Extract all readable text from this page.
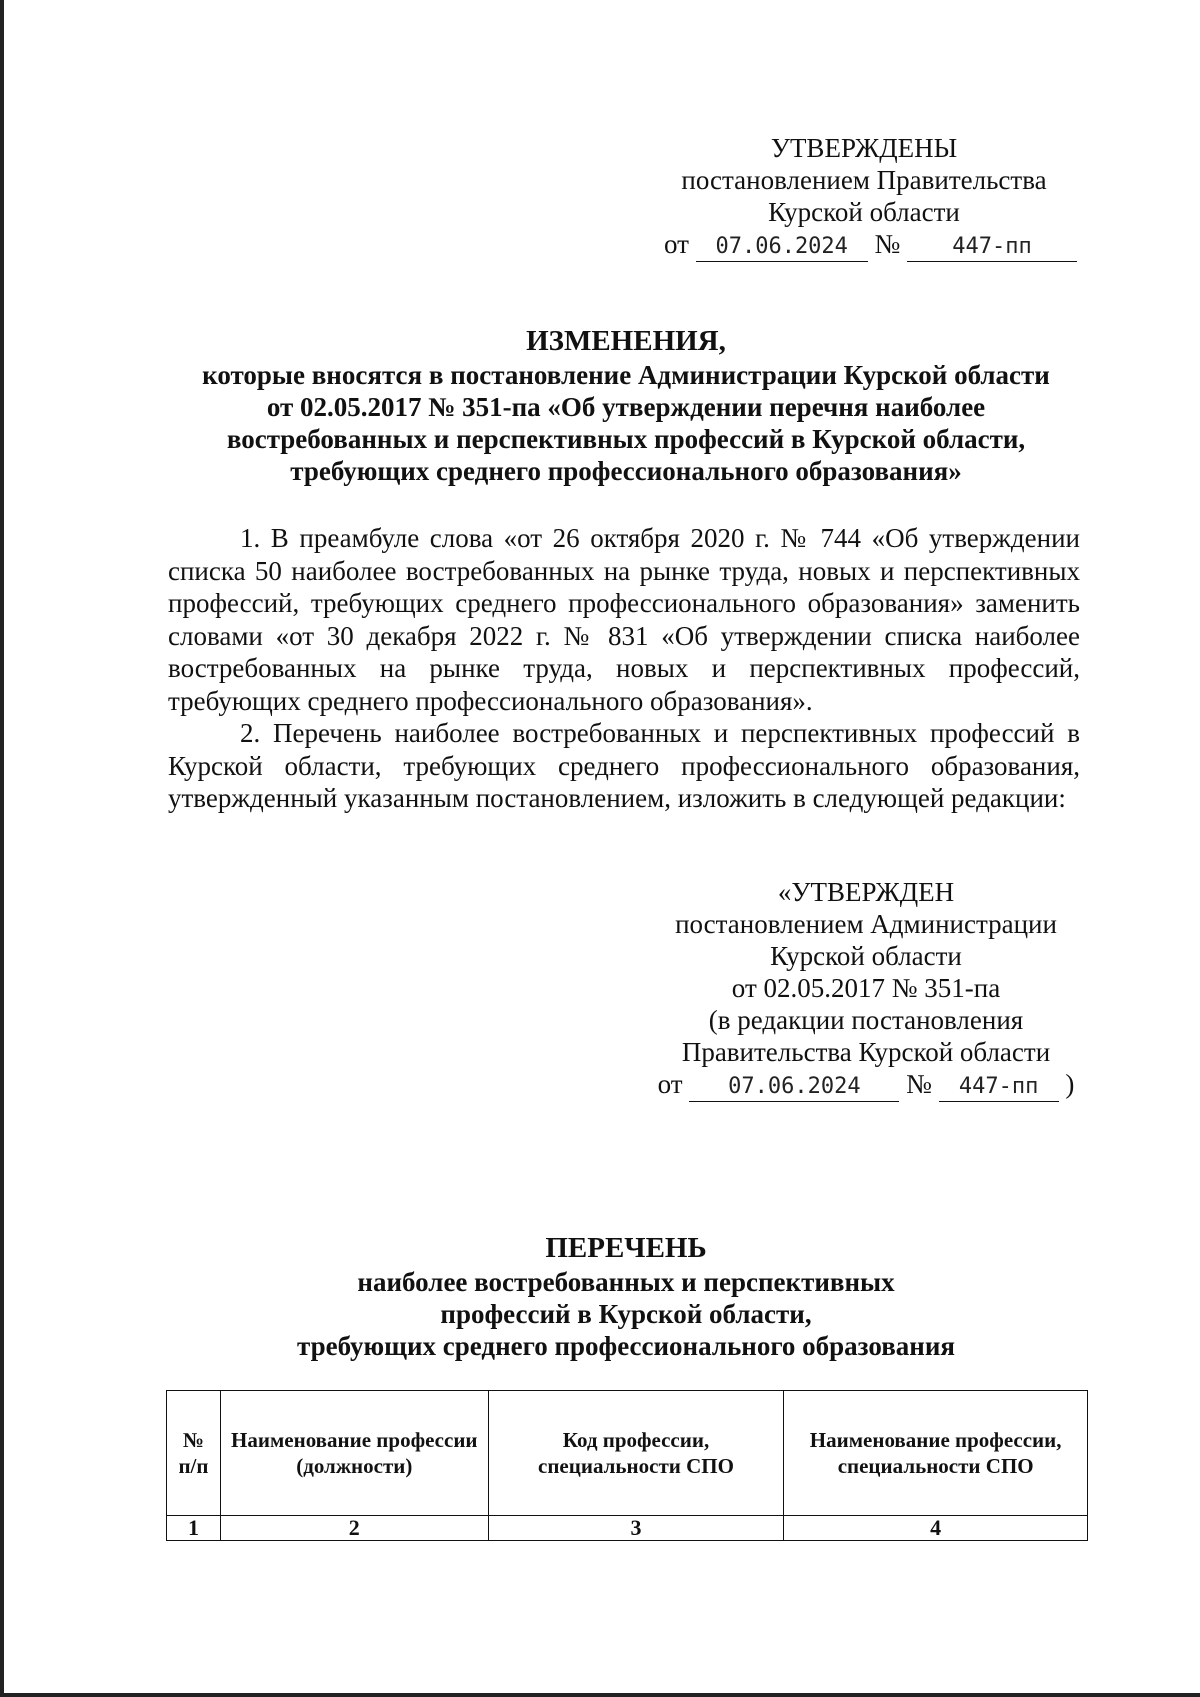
УТВЕРЖДЕНЫ
постановлением Правительства
Курской области
от 07.06.2024 № 447-пп
ИЗМЕНЕНИЯ,
которые вносятся в постановление Администрации Курской области
от 02.05.2017 № 351-па «Об утверждении перечня наиболее
востребованных и перспективных профессий в Курской области,
требующих среднего профессионального образования»

1. В преамбуле слова «от 26 октября 2020 г. № 744 «Об утверждении списка 50 наиболее востребованных на рынке труда, новых и перспективных профессий, требующих среднего профессионального образования» заменить словами «от 30 декабря 2022 г. № 831 «Об утверждении списка наиболее востребованных на рынке труда, новых и перспективных профессий, требующих среднего профессионального образования».

2. Перечень наиболее востребованных и перспективных профессий в Курской области, требующих среднего профессионального образования, утвержденный указанным постановлением, изложить в следующей редакции:

«УТВЕРЖДЕН
постановлением Администрации
Курской области
от 02.05.2017 № 351-па
(в редакции постановления
Правительства Курской области
от 07.06.2024 № 447-пп )
ПЕРЕЧЕНЬ
наиболее востребованных и перспективных
профессий в Курской области,
требующих среднего профессионального образования
№ п/п	Наименование профессии (должности)	Код профессии, специальности СПО	Наименование профессии, специальности СПО
1	2	3	4
